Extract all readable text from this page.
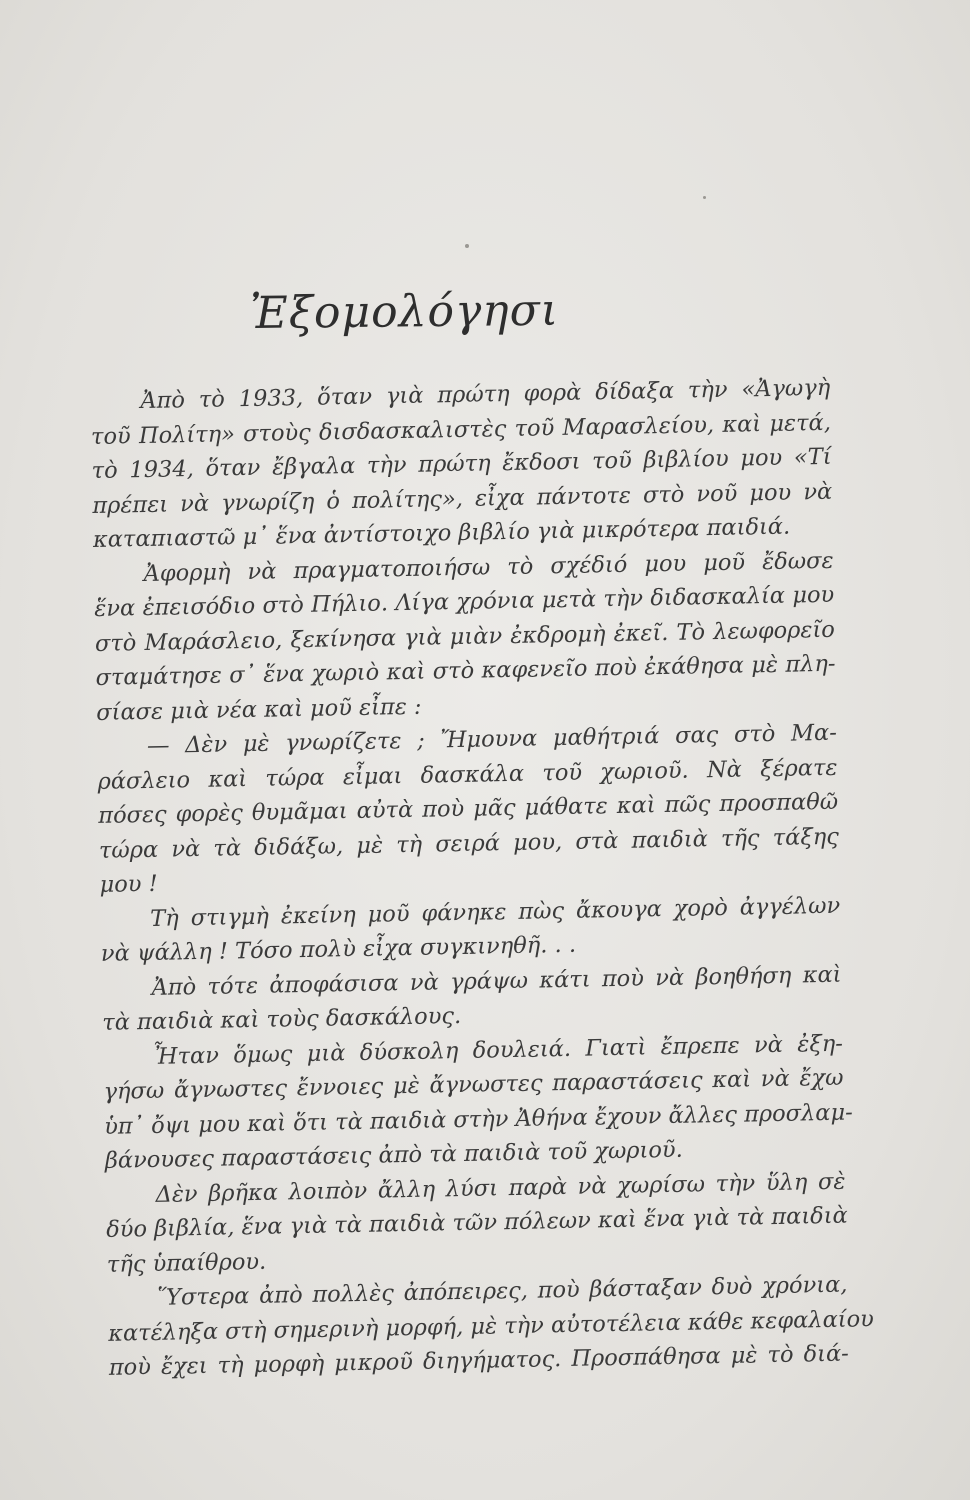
Ἐξομολόγησι
Ἀπὸ τὸ 1933, ὅταν γιὰ πρώτη φορὰ δίδαξα τὴν «Ἀγωγὴ
τοῦ Πολίτη» στοὺς δισδασκαλιστὲς τοῦ Μαρασλείου, καὶ μετά,
τὸ 1934, ὅταν ἔβγαλα τὴν πρώτη ἔκδοσι τοῦ βιβλίου μου «Τί
πρέπει νὰ γνωρίζη ὁ πολίτης», εἶχα πάντοτε στὸ νοῦ μου νὰ
καταπιαστῶ μ᾽ ἕνα ἀντίστοιχο βιβλίο γιὰ μικρότερα παιδιά.
Ἀφορμὴ νὰ πραγματοποιήσω τὸ σχέδιό μου μοῦ ἔδωσε
ἕνα ἐπεισόδιο στὸ Πήλιο. Λίγα χρόνια μετὰ τὴν διδασκαλία μου
στὸ Μαράσλειο, ξεκίνησα γιὰ μιὰν ἐκδρομὴ ἐκεῖ. Τὸ λεωφορεῖο
σταμάτησε σ᾽ ἕνα χωριὸ καὶ στὸ καφενεῖο ποὺ ἐκάθησα μὲ πλη-
σίασε μιὰ νέα καὶ μοῦ εἶπε :
— Δὲν μὲ γνωρίζετε ; Ἤμουνα μαθήτριά σας στὸ Μα-
ράσλειο καὶ τώρα εἶμαι δασκάλα τοῦ χωριοῦ. Νὰ ξέρατε
πόσες φορὲς θυμᾶμαι αὐτὰ ποὺ μᾶς μάθατε καὶ πῶς προσπαθῶ
τώρα νὰ τὰ διδάξω, μὲ τὴ σειρά μου, στὰ παιδιὰ τῆς τάξης
μου !
Τὴ στιγμὴ ἐκείνη μοῦ φάνηκε πὼς ἄκουγα χορὸ ἀγγέλων
νὰ ψάλλη ! Τόσο πολὺ εἶχα συγκινηθῆ. . .
Ἀπὸ τότε ἀποφάσισα νὰ γράψω κάτι ποὺ νὰ βοηθήση καὶ
τὰ παιδιὰ καὶ τοὺς δασκάλους.
Ἦταν ὅμως μιὰ δύσκολη δουλειά. Γιατὶ ἔπρεπε νὰ ἐξη-
γήσω ἄγνωστες ἔννοιες μὲ ἄγνωστες παραστάσεις καὶ νὰ ἔχω
ὑπ᾽ ὄψι μου καὶ ὅτι τὰ παιδιὰ στὴν Ἀθήνα ἔχουν ἄλλες προσλαμ-
βάνουσες παραστάσεις ἀπὸ τὰ παιδιὰ τοῦ χωριοῦ.
Δὲν βρῆκα λοιπὸν ἄλλη λύσι παρὰ νὰ χωρίσω τὴν ὕλη σὲ
δύο βιβλία, ἕνα γιὰ τὰ παιδιὰ τῶν πόλεων καὶ ἕνα γιὰ τὰ παιδιὰ
τῆς ὑπαίθρου.
Ὕστερα ἀπὸ πολλὲς ἀπόπειρες, ποὺ βάσταξαν δυὸ χρόνια,
κατέληξα στὴ σημερινὴ μορφή, μὲ τὴν αὐτοτέλεια κάθε κεφαλαίου
ποὺ ἔχει τὴ μορφὴ μικροῦ διηγήματος. Προσπάθησα μὲ τὸ διά-
